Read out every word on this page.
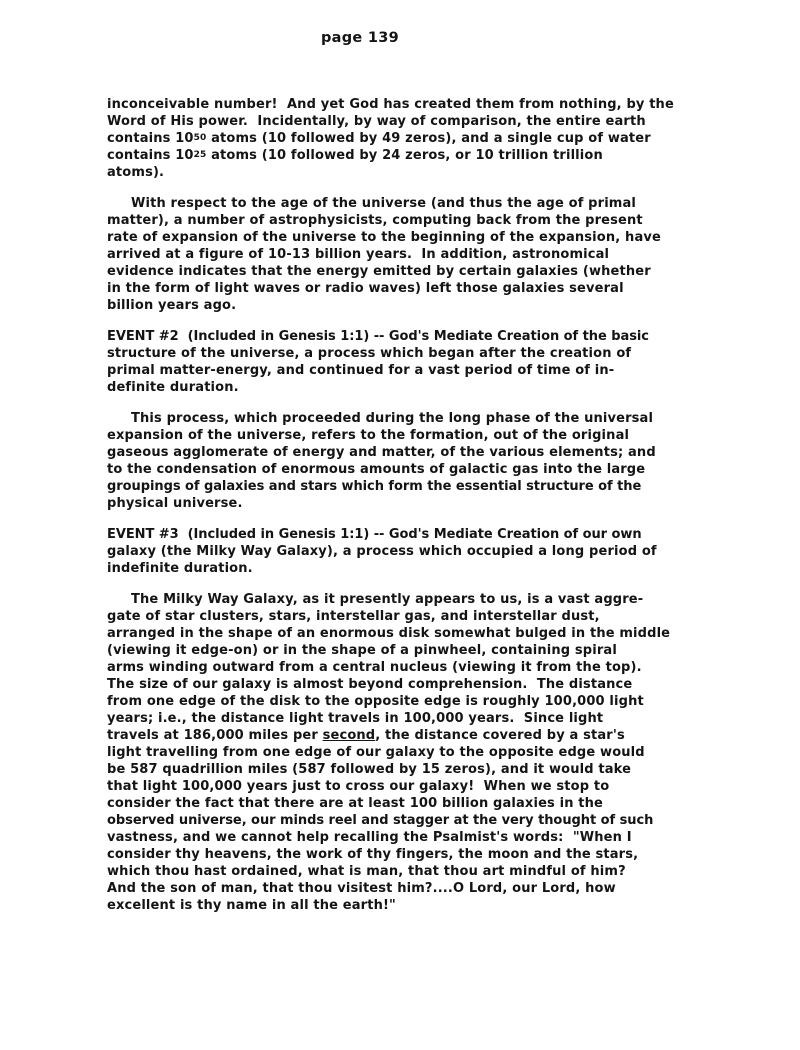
page 139
inconceivable number!  And yet God has created them from nothing, by the
Word of His power.  Incidentally, by way of comparison, the entire earth
contains $10^{50}$ atoms (10 followed by 49 zeros), and a single cup of water
contains $10^{25}$ atoms (10 followed by 24 zeros, or 10 trillion trillion
atoms).
With respect to the age of the universe (and thus the age of primal
matter), a number of astrophysicists, computing back from the present
rate of expansion of the universe to the beginning of the expansion, have
arrived at a figure of 10-13 billion years.  In addition, astronomical
evidence indicates that the energy emitted by certain galaxies (whether
in the form of light waves or radio waves) left those galaxies several
billion years ago.
EVENT #2  (Included in Genesis 1:1) -- God's Mediate Creation of the basic
structure of the universe, a process which began after the creation of
primal matter-energy, and continued for a vast period of time of in-
definite duration.
This process, which proceeded during the long phase of the universal
expansion of the universe, refers to the formation, out of the original
gaseous agglomerate of energy and matter, of the various elements; and
to the condensation of enormous amounts of galactic gas into the large
groupings of galaxies and stars which form the essential structure of the
physical universe.
EVENT #3  (Included in Genesis 1:1) -- God's Mediate Creation of our own
galaxy (the Milky Way Galaxy), a process which occupied a long period of
indefinite duration.
The Milky Way Galaxy, as it presently appears to us, is a vast aggre-
gate of star clusters, stars, interstellar gas, and interstellar dust,
arranged in the shape of an enormous disk somewhat bulged in the middle
(viewing it edge-on) or in the shape of a pinwheel, containing spiral
arms winding outward from a central nucleus (viewing it from the top).
The size of our galaxy is almost beyond comprehension.  The distance
from one edge of the disk to the opposite edge is roughly 100,000 light
years; i.e., the distance light travels in 100,000 years.  Since light
travels at 186,000 miles per second, the distance covered by a star's
light travelling from one edge of our galaxy to the opposite edge would
be 587 quadrillion miles (587 followed by 15 zeros), and it would take
that light 100,000 years just to cross our galaxy!  When we stop to
consider the fact that there are at least 100 billion galaxies in the
observed universe, our minds reel and stagger at the very thought of such
vastness, and we cannot help recalling the Psalmist's words:  "When I
consider thy heavens, the work of thy fingers, the moon and the stars,
which thou hast ordained, what is man, that thou art mindful of him?
And the son of man, that thou visitest him?....O Lord, our Lord, how
excellent is thy name in all the earth!"
